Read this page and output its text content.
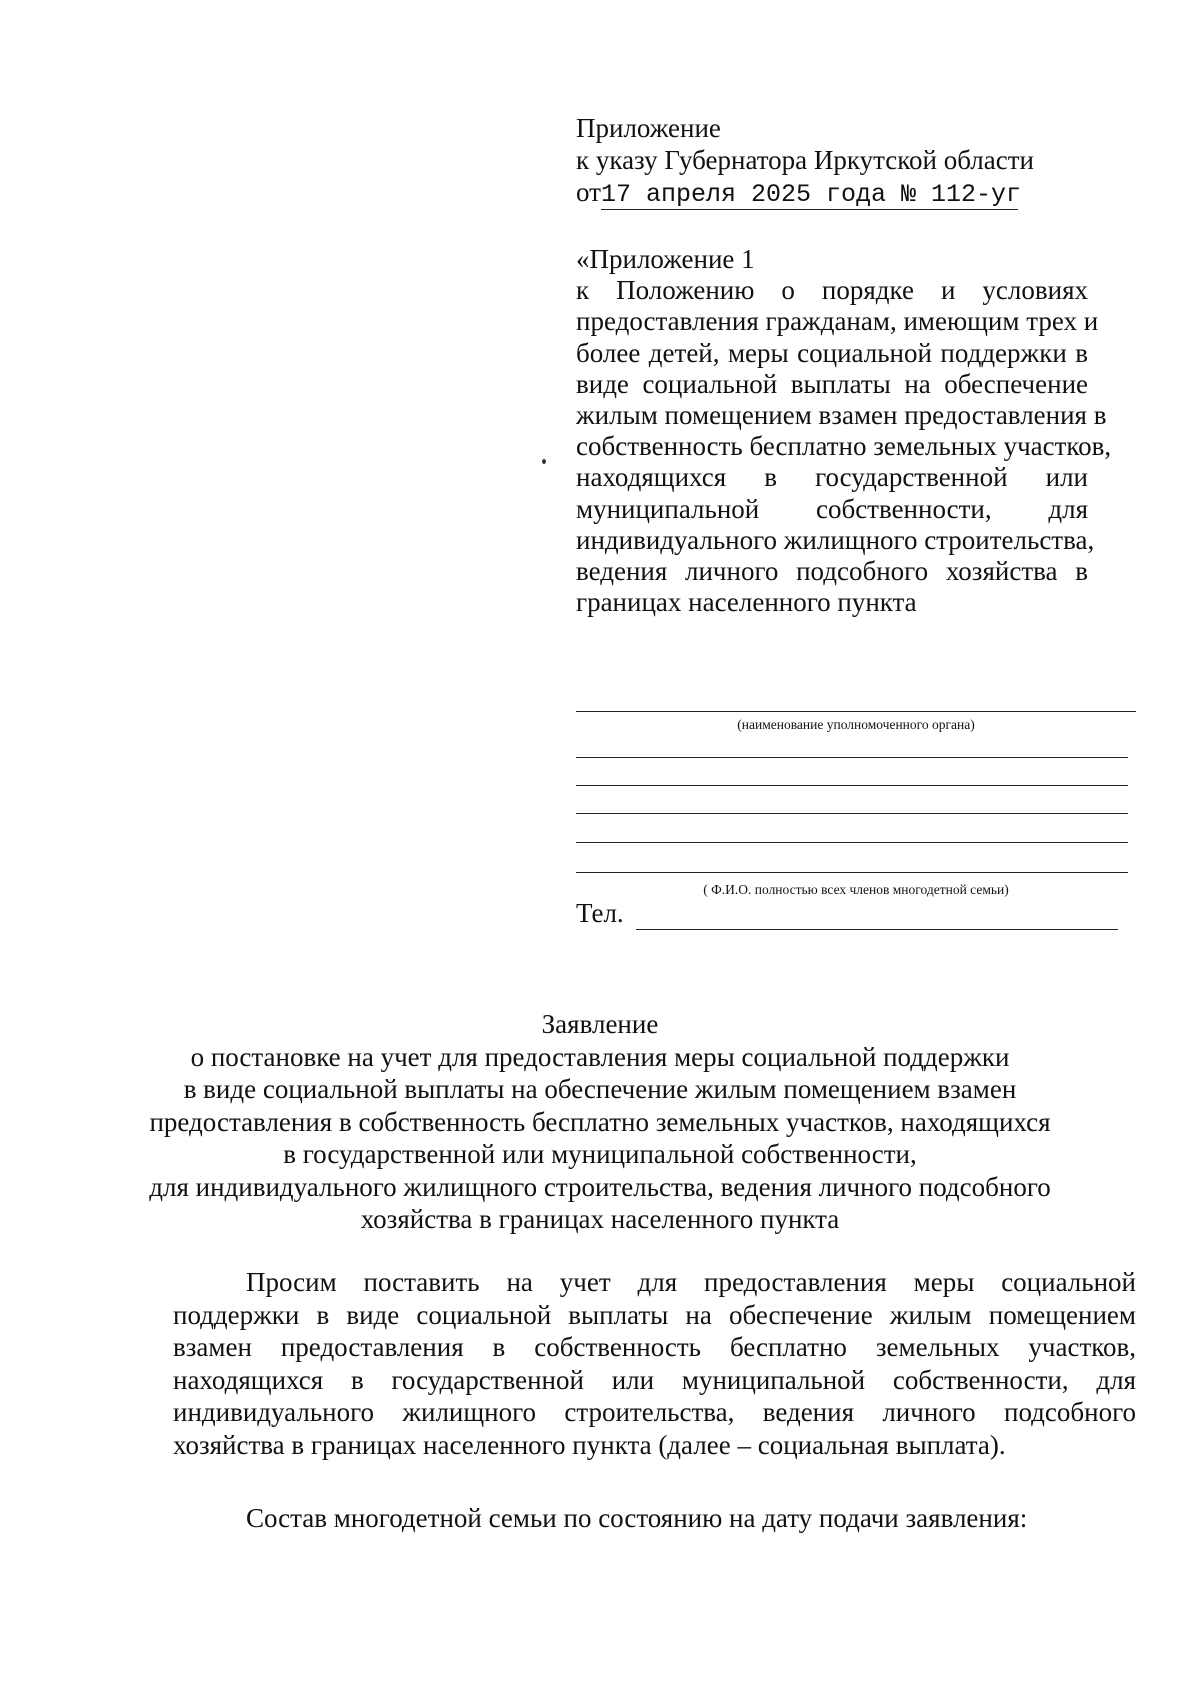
Приложение
к указу Губернатора Иркутской области
от17 апреля 2025 года № 112-уг
«Приложение 1
к Положению о порядке и условиях
предоставления гражданам, имеющим трех и
более детей, меры социальной поддержки в
виде социальной выплаты на обеспечение
жилым помещением взамен предоставления в
собственность бесплатно земельных участков,
находящихся в государственной или
муниципальной собственности, для
индивидуального жилищного строительства,
ведения личного подсобного хозяйства в
границах населенного пункта
(наименование уполномоченного органа)
( Ф.И.О. полностью всех членов многодетной семьи)
Тел.
Заявление
о постановке на учет для предоставления меры социальной поддержки
в виде социальной выплаты на обеспечение жилым помещением взамен
предоставления в собственность бесплатно земельных участков, находящихся
в государственной или муниципальной собственности,
для индивидуального жилищного строительства, ведения личного подсобного
хозяйства в границах населенного пункта
Просим поставить на учет для предоставления меры социальной
поддержки в виде социальной выплаты на обеспечение жилым помещением
взамен предоставления в собственность бесплатно земельных участков,
находящихся в государственной или муниципальной собственности, для
индивидуального жилищного строительства, ведения личного подсобного
хозяйства в границах населенного пункта (далее – социальная выплата).
Состав многодетной семьи по состоянию на дату подачи заявления:
